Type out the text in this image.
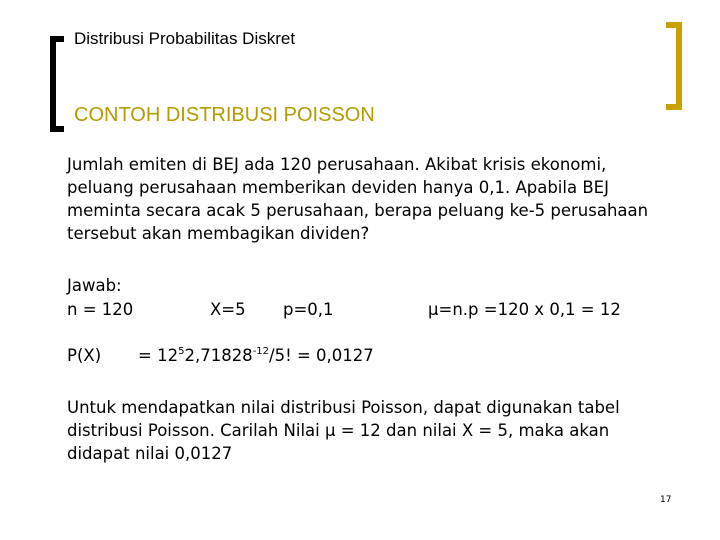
Distribusi Probabilitas Diskret
CONTOH DISTRIBUSI POISSON
Jumlah emiten di BEJ ada 120 perusahaan. Akibat krisis ekonomi, peluang perusahaan memberikan deviden hanya 0,1. Apabila BEJ meminta secara acak 5 perusahaan, berapa peluang ke-5 perusahaan tersebut akan membagikan dividen?
Jawab:
n = 120	X=5 p=0,1	μ=n.p =120 x 0,1 = 12
$P(X) = 12^52,71828^{-12}/5$! = 0,0127
Untuk mendapatkan nilai distribusi Poisson, dapat digunakan tabel distribusi Poisson. Carilah Nilai μ = 12 dan nilai X = 5, maka akan didapat nilai 0,0127
17
